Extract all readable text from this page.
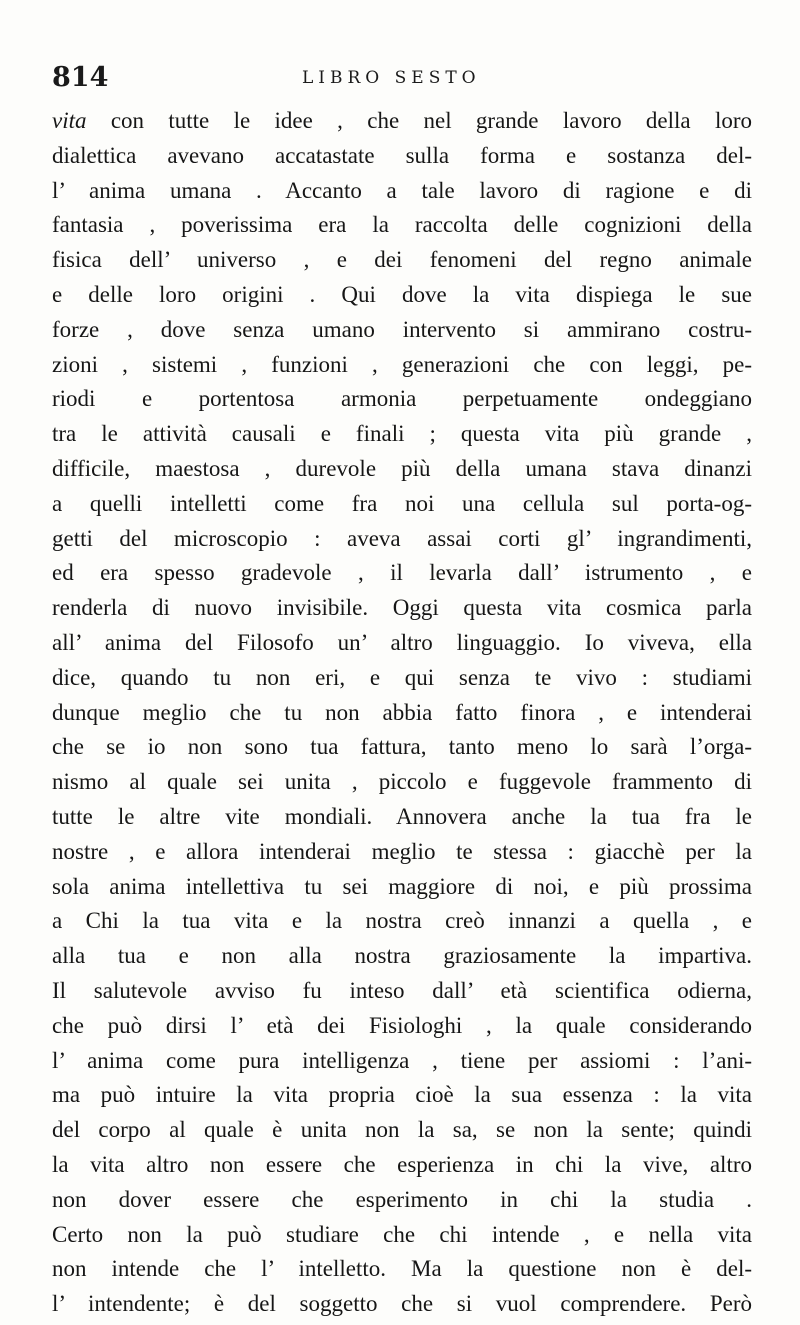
814	LIBRO SESTO
vita con tutte le idee , che nel grande lavoro della loro
dialettica avevano accatastate sulla forma e sostanza del-
l’ anima umana . Accanto a tale lavoro di ragione e di
fantasia , poverissima era la raccolta delle cognizioni della
fisica dell’ universo , e dei fenomeni del regno animale
e delle loro origini . Qui dove la vita dispiega le sue
forze , dove senza umano intervento si ammirano costru-
zioni , sistemi , funzioni , generazioni che con leggi, pe-
riodi e portentosa armonia perpetuamente ondeggiano
tra le attività causali e finali ; questa vita più grande ,
difficile, maestosa , durevole più della umana stava dinanzi
a quelli intelletti come fra noi una cellula sul porta-og-
getti del microscopio : aveva assai corti gl’ ingrandimenti,
ed era spesso gradevole , il levarla dall’ istrumento , e
renderla di nuovo invisibile. Oggi questa vita cosmica parla
all’ anima del Filosofo un’ altro linguaggio. Io viveva, ella
dice, quando tu non eri, e qui senza te vivo : studiami
dunque meglio che tu non abbia fatto finora , e intenderai
che se io non sono tua fattura, tanto meno lo sarà l’orga-
nismo al quale sei unita , piccolo e fuggevole frammento di
tutte le altre vite mondiali. Annovera anche la tua fra le
nostre , e allora intenderai meglio te stessa : giacchè per la
sola anima intellettiva tu sei maggiore di noi, e più prossima
a Chi la tua vita e la nostra creò innanzi a quella , e
alla tua e non alla nostra graziosamente la impartiva.
Il salutevole avviso fu inteso dall’ età scientifica odierna,
che può dirsi l’ età dei Fisiologhi , la quale considerando
l’ anima come pura intelligenza , tiene per assiomi : l’ani-
ma può intuire la vita propria cioè la sua essenza : la vita
del corpo al quale è unita non la sa, se non la sente; quindi
la vita altro non essere che esperienza in chi la vive, altro
non dover essere che esperimento in chi la studia .
Certo non la può studiare che chi intende , e nella vita
non intende che l’ intelletto. Ma la questione non è del-
l’ intendente; è del soggetto che si vuol comprendere. Però
